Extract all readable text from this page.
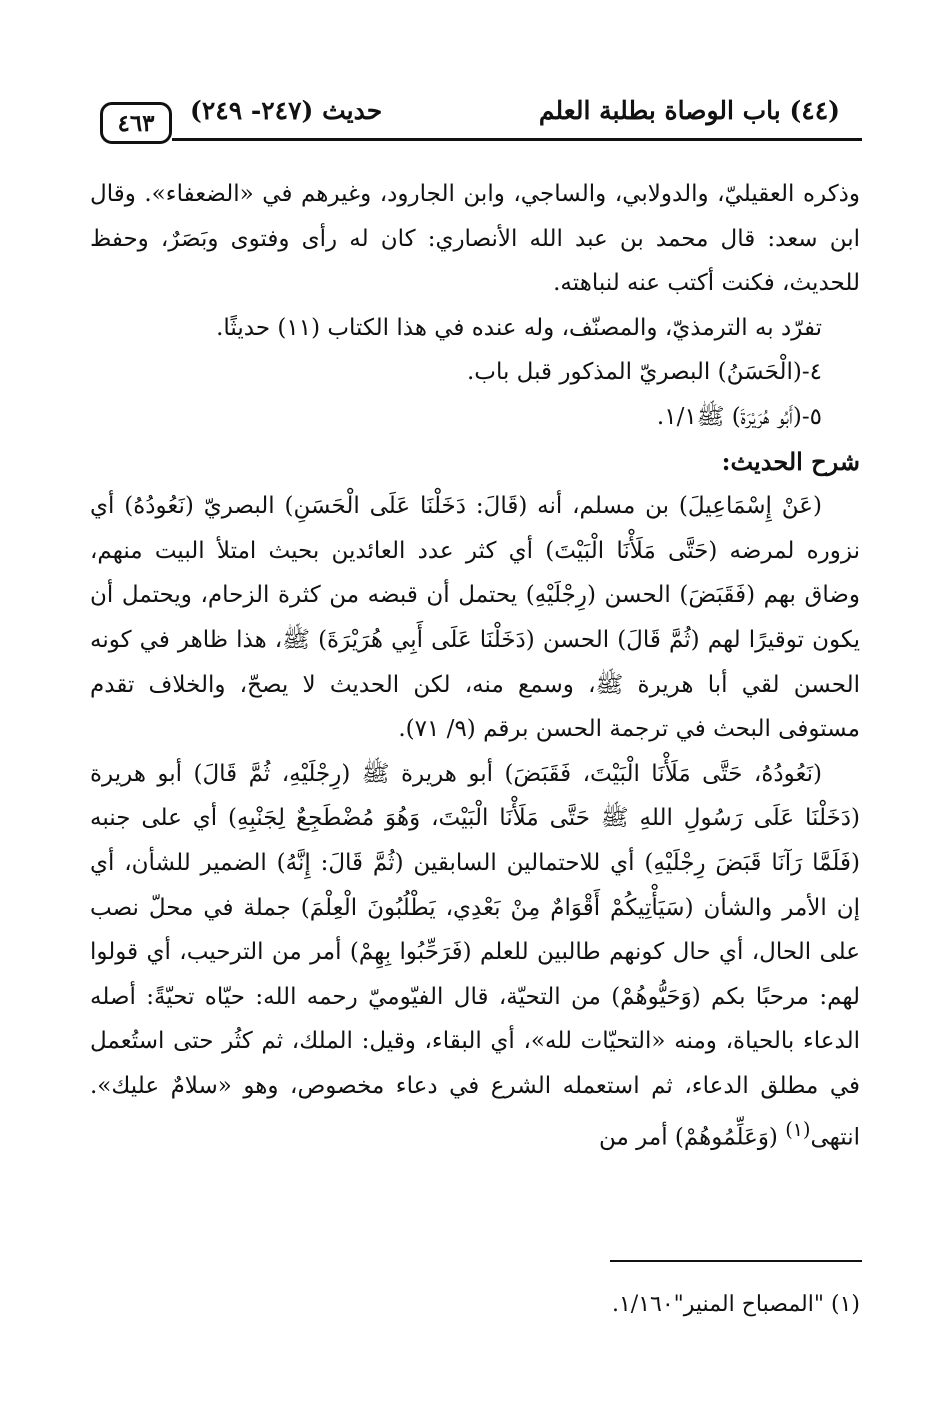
(٤٤) باب الوصاة بطلبة العلم
حديث (٢٤٧- ٢٤٩)
٤٦٣

وذكره العقيليّ، والدولابي، والساجي، وابن الجارود، وغيرهم في «الضعفاء». وقال ابن سعد: قال محمد بن عبد الله الأنصاري: كان له رأى وفتوى وبَصَرٌ، وحفظ للحديث، فكنت أكتب عنه لنباهته.

تفرّد به الترمذيّ، والمصنّف، وله عنده في هذا الكتاب (١١) حديثًا.

٤-(الْحَسَنُ) البصريّ المذكور قبل باب.

٥-(أَبُو هُرَيْرَةَ) ﷺ١/١.

شرح الحديث:

(عَنْ إِسْمَاعِيلَ) بن مسلم، أنه (قَالَ: دَخَلْنَا عَلَى الْحَسَنِ) البصريّ (نَعُودُهُ) أي نزوره لمرضه (حَتَّى مَلَأْنَا الْبَيْتَ) أي كثر عدد العائدين بحيث امتلأ البيت منهم، وضاق بهم (فَقَبَضَ) الحسن (رِجْلَيْهِ) يحتمل أن قبضه من كثرة الزحام، ويحتمل أن يكون توقيرًا لهم (ثُمَّ قَالَ) الحسن (دَخَلْنَا عَلَى أَبِي هُرَيْرَةَ) ﷺ، هذا ظاهر في كونه الحسن لقي أبا هريرة ﷺ، وسمع منه، لكن الحديث لا يصحّ، والخلاف تقدم مستوفى البحث في ترجمة الحسن برقم (٩/ ٧١).

(نَعُودُهُ، حَتَّى مَلَأْنَا الْبَيْتَ، فَقَبَضَ) أبو هريرة ﷺ (رِجْلَيْهِ، ثُمَّ قَالَ) أبو هريرة (دَخَلْنَا عَلَى رَسُولِ اللهِ ﷺ حَتَّى مَلَأْنَا الْبَيْتَ، وَهُوَ مُضْطَجِعٌ لِجَنْبِهِ) أي على جنبه (فَلَمَّا رَآنَا قَبَضَ رِجْلَيْهِ) أي للاحتمالين السابقين (ثُمَّ قَالَ: إِنَّهُ) الضمير للشأن، أي إن الأمر والشأن (سَيَأْتِيكُمْ أَقْوَامٌ مِنْ بَعْدِي، يَطْلُبُونَ الْعِلْمَ) جملة في محلّ نصب على الحال، أي حال كونهم طالبين للعلم (فَرَحِّبُوا بِهِمْ) أمر من الترحيب، أي قولوا لهم: مرحبًا بكم (وَحَيُّوهُمْ) من التحيّة، قال الفيّوميّ رحمه الله: حيّاه تحيّةً: أصله الدعاء بالحياة، ومنه «التحيّات لله»، أي البقاء، وقيل: الملك، ثم كثُر حتى استُعمل في مطلق الدعاء، ثم استعمله الشرع في دعاء مخصوص، وهو «سلامٌ عليك». انتهى$^{(١)}$ (وَعَلِّمُوهُمْ) أمر من

(١) "المصباح المنير"١/١٦٠.
